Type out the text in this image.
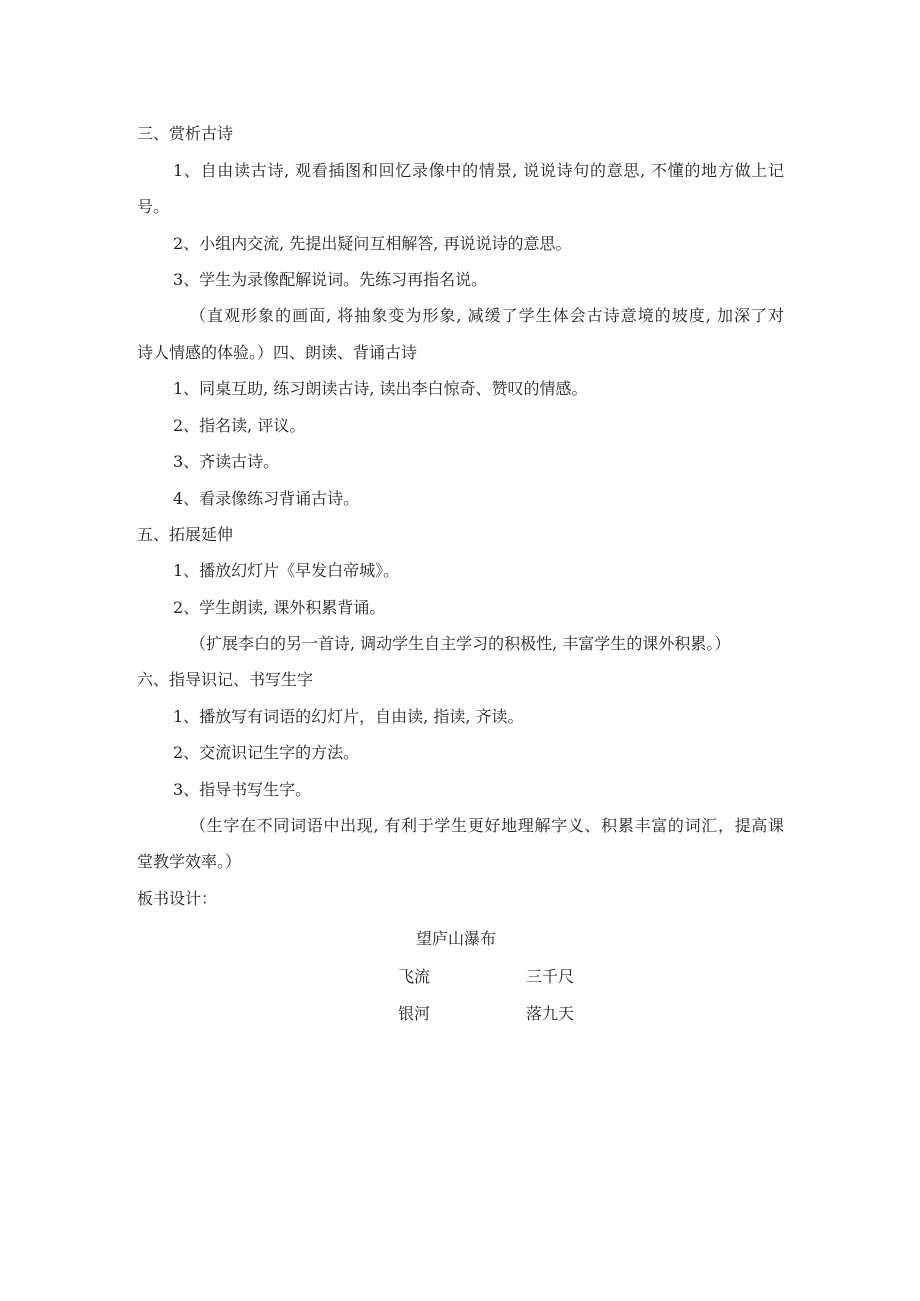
三、赏析古诗
1、自由读古诗, 观看插图和回忆录像中的情景, 说说诗句的意思, 不懂的地方做上记
号。
2、小组内交流, 先提出疑问互相解答, 再说说诗的意思。
3、学生为录像配解说词。先练习再指名说。
（直观形象的画面, 将抽象变为形象, 减缓了学生体会古诗意境的坡度, 加深了对
诗人情感的体验。）四、朗读、背诵古诗
1、同桌互助, 练习朗读古诗, 读出李白惊奇、赞叹的情感。
2、指名读, 评议。
3、齐读古诗。
4、看录像练习背诵古诗。
五、拓展延伸
1、播放幻灯片《早发白帝城》。
2、学生朗读, 课外积累背诵。
（扩展李白的另一首诗, 调动学生自主学习的积极性, 丰富学生的课外积累。）
六、指导识记、书写生字
1、播放写有词语的幻灯片，自由读, 指读, 齐读。
2、交流识记生字的方法。
3、指导书写生字。
（生字在不同词语中出现, 有利于学生更好地理解字义、积累丰富的词汇，提高课
堂教学效率。）
板书设计：
望庐山瀑布
飞流	三千尺
银河	落九天
